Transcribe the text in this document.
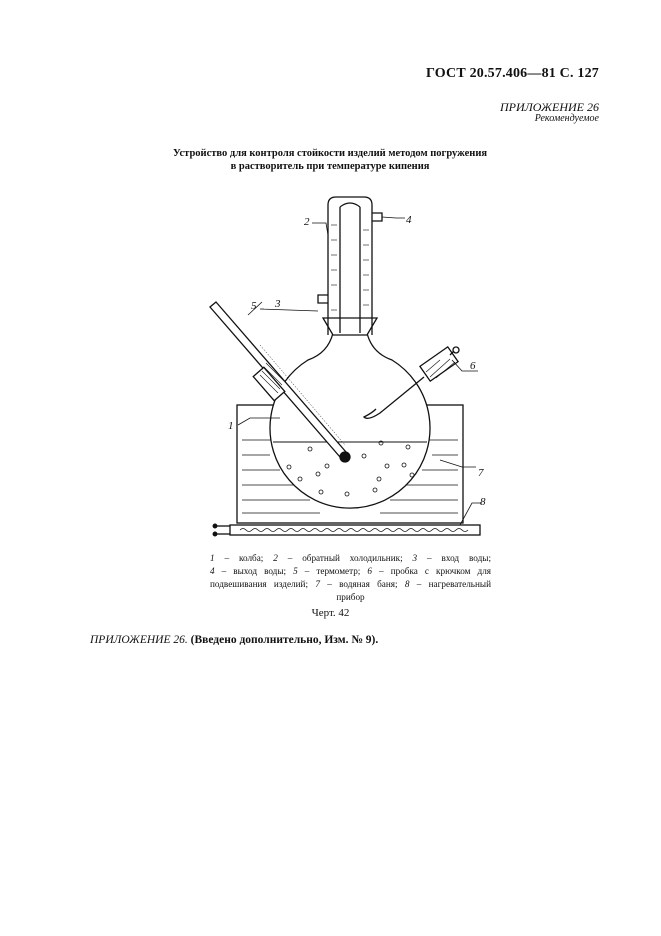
ГОСТ 20.57.406—81 С. 127
ПРИЛОЖЕНИЕ 26
Рекомендуемое
Устройство для контроля стойкости изделий методом погружения
в растворитель при температуре кипения
1
2
3
4
5
6
7
8
1 – колба; 2 – обратный холодильник; 3 – вход воды;
4 – выход воды; 5 – термометр; 6 – пробка с крючком для
подвешивания изделий; 7 – водяная баня; 8 – нагревательный
прибор
Черт. 42
ПРИЛОЖЕНИЕ 26. (Введено дополнительно, Изм. № 9).
